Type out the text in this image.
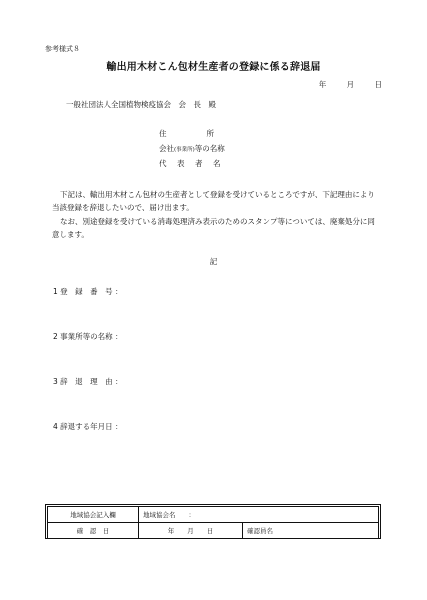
参考様式８
輸出用木材こん包材生産者の登録に係る辞退届
年 月 日
一般社団法人全国植物検疫協会　会　長　殿
住所
会社(事業所)等の名称
代表者名
下記は、輸出用木材こん包材の生産者として登録を受けているところですが、下記理由により当該登録を辞退したいので、届け出ます。
なお、別途登録を受けている消毒処理済み表示のためのスタンプ等については、廃棄処分に同意します。
記
1 登　録　番　号 ：
2 事業所等の名称 ：
3 辞　退　理　由 ：
4 辞退する年月日 ：
地域協会記入欄	地域協会名　　：	
確　認　日	年　　月　　日	確認員名
